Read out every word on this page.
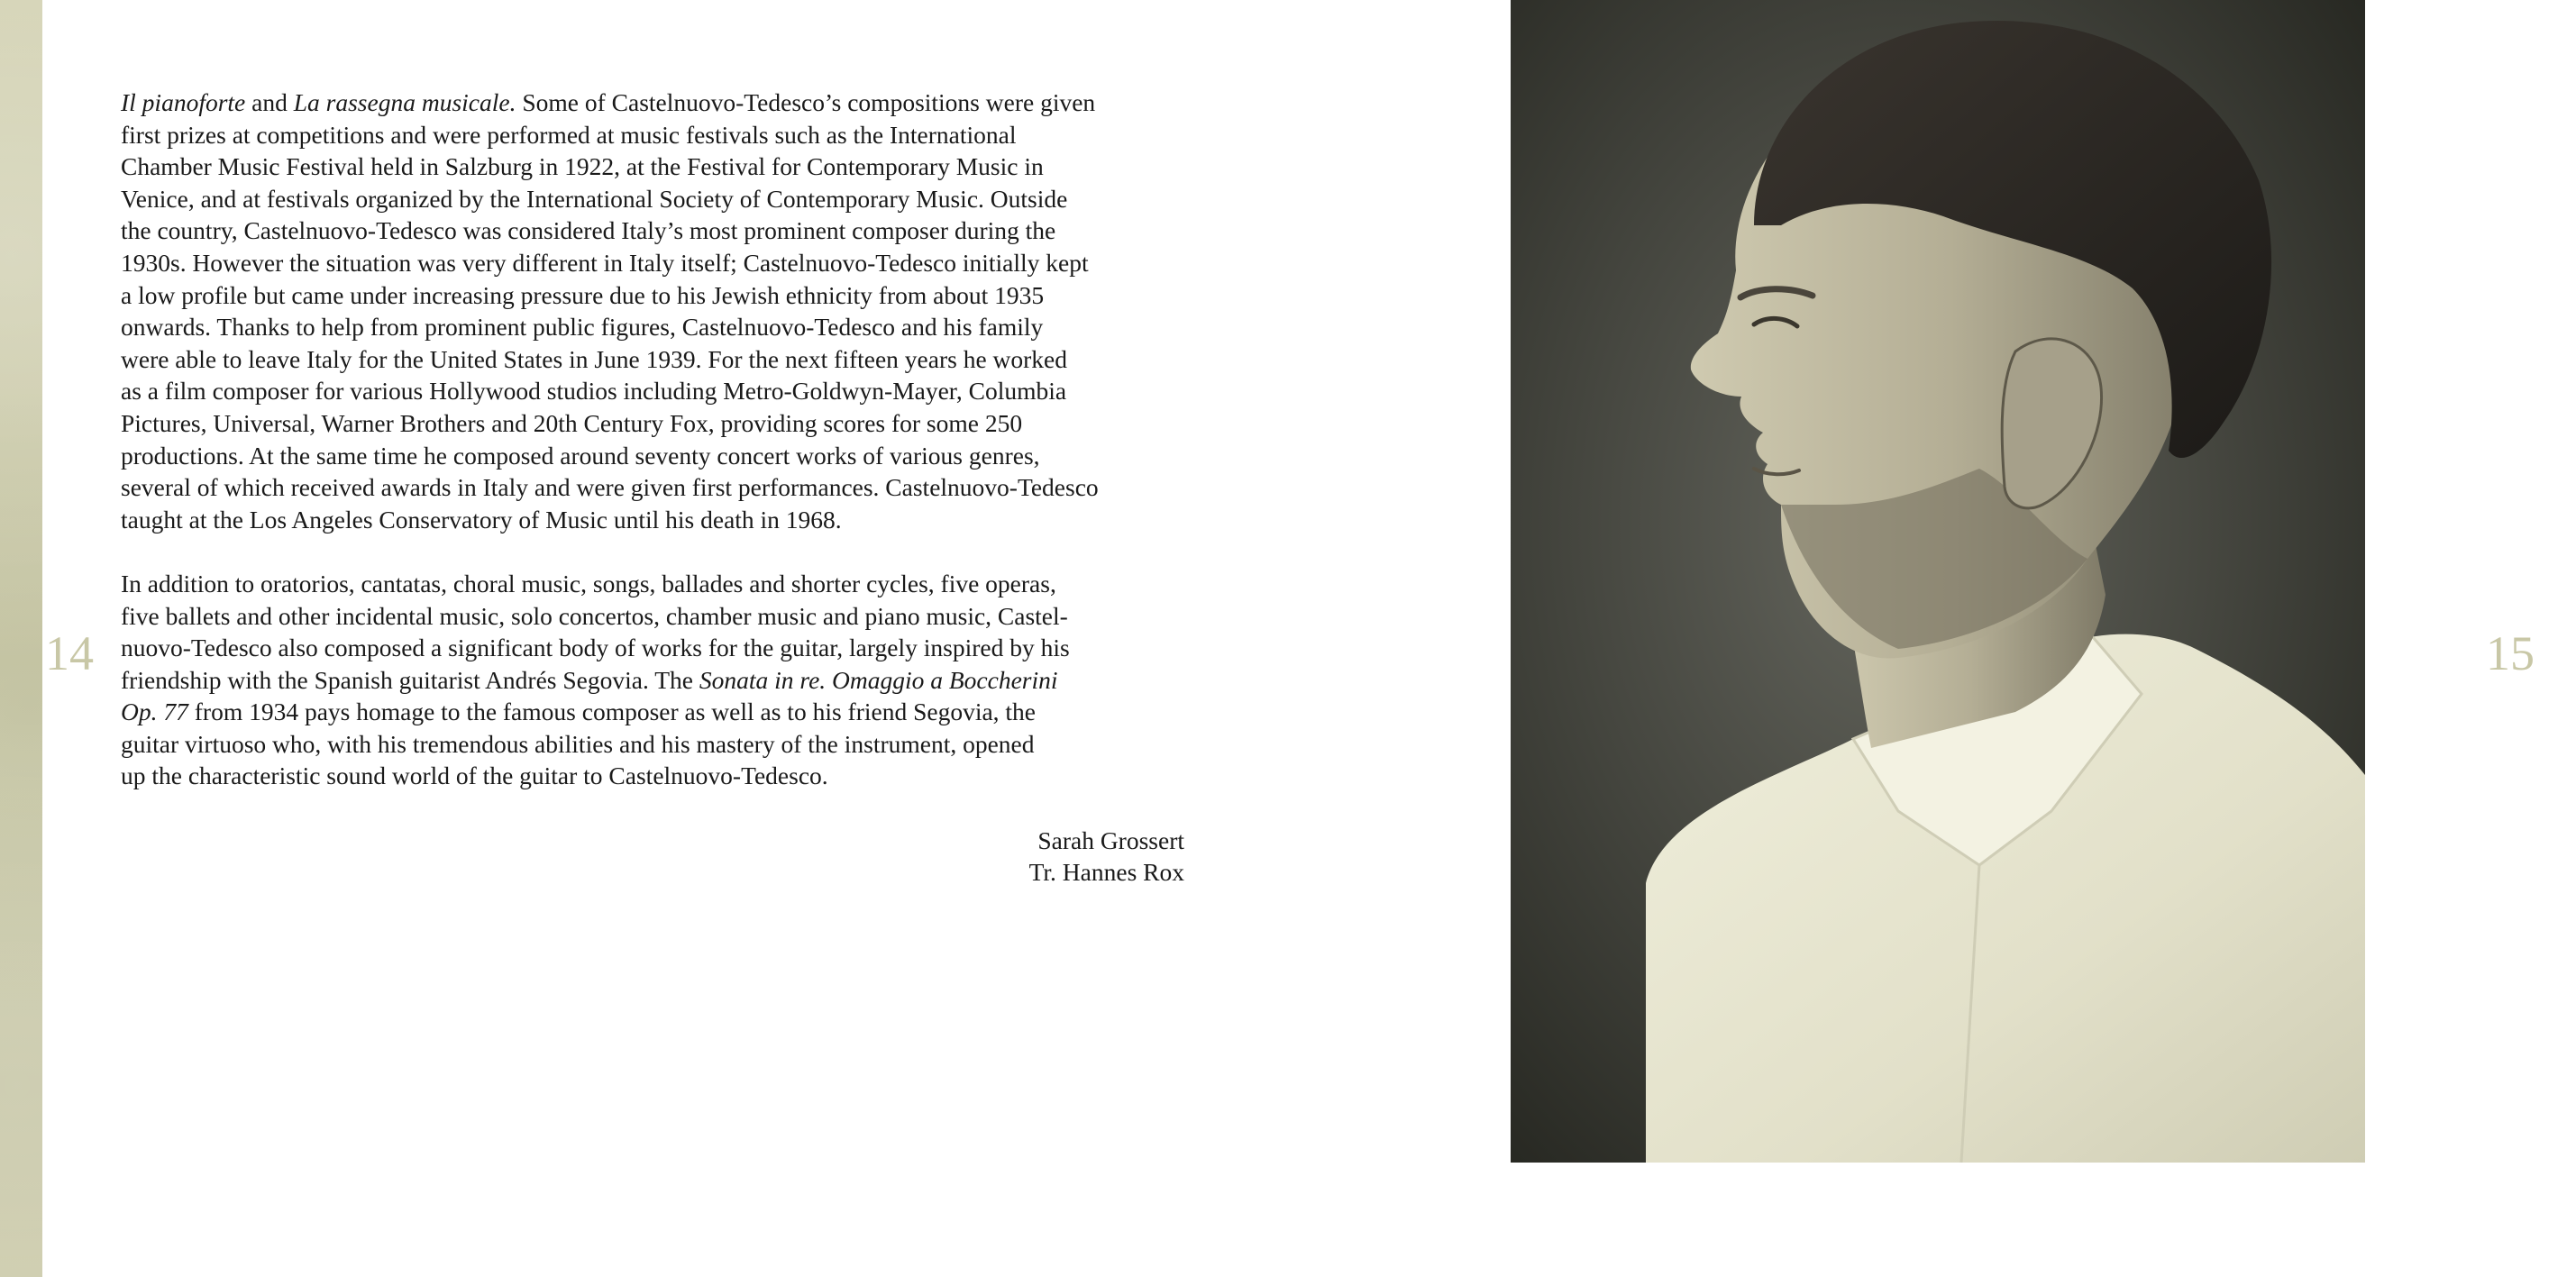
14

Il pianoforte and La rassegna musicale. Some of Castelnuovo-Tedesco’s compositions were given
first prizes at competitions and were performed at music festivals such as the International
Chamber Music Festival held in Salzburg in 1922, at the Festival for Contemporary Music in
Venice, and at festivals organized by the International Society of Contemporary Music. Outside
the country, Castelnuovo-Tedesco was considered Italy’s most prominent composer during the
1930s. However the situation was very different in Italy itself; Castelnuovo-Tedesco initially kept
a low profile but came under increasing pressure due to his Jewish ethnicity from about 1935
onwards. Thanks to help from prominent public figures, Castelnuovo-Tedesco and his family
were able to leave Italy for the United States in June 1939. For the next fifteen years he worked
as a film composer for various Hollywood studios including Metro-Goldwyn-Mayer, Columbia
Pictures, Universal, Warner Brothers and 20th Century Fox, providing scores for some 250
productions. At the same time he composed around seventy concert works of various genres,
several of which received awards in Italy and were given first performances. Castelnuovo-Tedesco
taught at the Los Angeles Conservatory of Music until his death in 1968.

In addition to oratorios, cantatas, choral music, songs, ballades and shorter cycles, five operas,
five ballets and other incidental music, solo concertos, chamber music and piano music, Castel-
nuovo-Tedesco also composed a significant body of works for the guitar, largely inspired by his
friendship with the Spanish guitarist Andrés Segovia. The Sonata in re. Omaggio a Boccherini
Op. 77 from 1934 pays homage to the famous composer as well as to his friend Segovia, the
guitar virtuoso who, with his tremendous abilities and his mastery of the instrument, opened
up the characteristic sound world of the guitar to Castelnuovo-Tedesco.

Sarah Grossert
Tr. Hannes Rox
15
